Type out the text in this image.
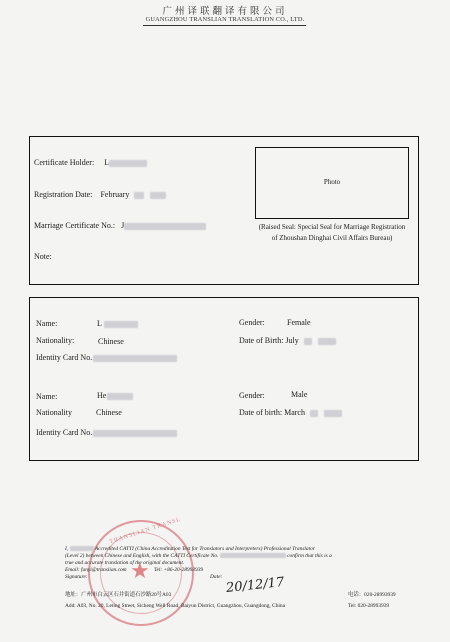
广州译联翻译有限公司
GUANGZHOU TRANSLIAN TRANSLATION CO., LTD.
Certificate Holder: L
Registration Date: February
Marriage Certificate No.: J
Note:
Photo
(Raised Seal: Special Seal for Marriage Registration
of Zhoushan Dinghai Civil Affairs Bureau)
Name:	L	Gender:	Female
Nationality:	Chinese	Date of Birth: July
Identity Card No.
Name:	He	Gender:	Male
Nationality	Chinese	Date of birth: March
Identity Card No.
★
TRANSLIAN TRANSL
I,	Accredited CATTI (China Accreditation Test for Translators and Interpreters) Professional Translator
(Level 2) between Chinese and English, with the CATTI Certificate No.	confirm that this is a
true and accurate translation of the original document.
Email: fanyi@translian.com	Tel: +86-20-28993939
Signature:	Date: 20/12/17
地址：广州市白云区石井街道石沙路20号A03	电话：020-28993939
Add: A03, No. 20, Leting Street, Sicheng Well Road, Baiyun District, Guangzhou, Guangdong, China	Tel: 020-28993939
